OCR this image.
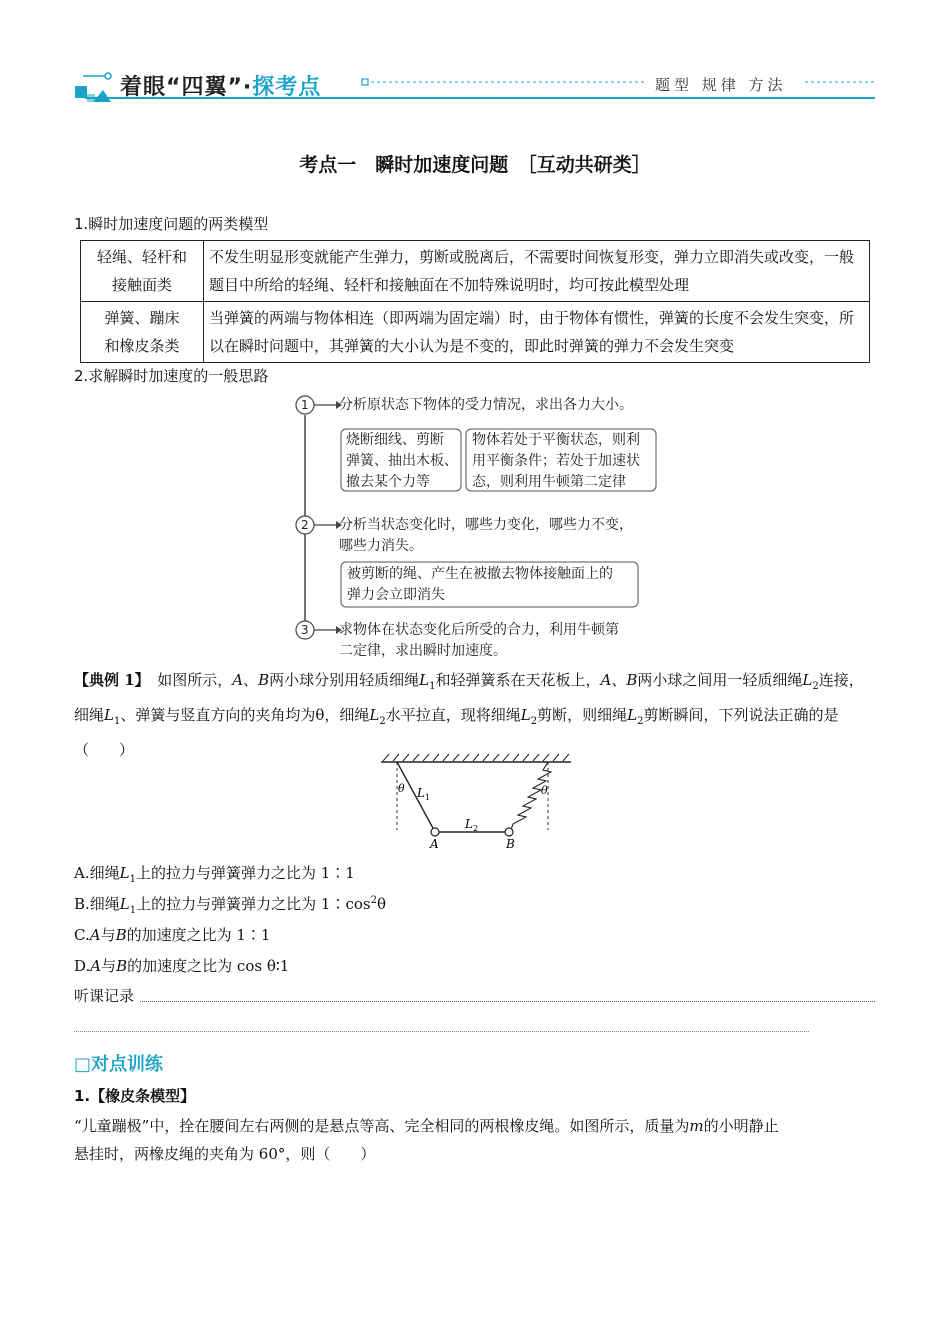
着眼“四翼”·探考点	题型 规律 方法
考点一　瞬时加速度问题　［互动共研类］
1.瞬时加速度问题的两类模型
轻绳、轻杆和
接触面类	不发生明显形变就能产生弹力，剪断或脱离后，不需要时间恢复形变，弹力立即消失或改变，一般题目中所给的轻绳、轻杆和接触面在不加特殊说明时，均可按此模型处理
弹簧、蹦床
和橡皮条类	当弹簧的两端与物体相连（即两端为固定端）时，由于物体有惯性，弹簧的长度不会发生突变，所以在瞬时问题中，其弹簧的大小认为是不变的，即此时弹簧的弹力不会发生突变
2.求解瞬时加速度的一般思路
1 分析原状态下物体的受力情况，求出各力大小。
烧断细线、剪断
弹簧、抽出木板、
撤去某个力等
物体若处于平衡状态，则利
用平衡条件；若处于加速状
态，则利用牛顿第二定律
2 分析当状态变化时，哪些力变化，哪些力不变，
哪些力消失。
被剪断的绳、产生在被撤去物体接触面上的
弹力会立即消失
3 求物体在状态变化后所受的合力，利用牛顿第
二定律，求出瞬时加速度。
【典例 1】　 如图所示，A、B两小球分别用轻质细绳$L_1$和轻弹簧系在天花板上，A、B两小球之间用一轻质细绳$L_2$连接，细绳$L_1$、弹簧与竖直方向的夹角均为θ，细绳$L_2$水平拉直，现将细绳$L_2$剪断，则细绳$L_2$剪断瞬间，下列说法正确的是（　　）
θ	θ
L 1
L 2
A	B
A.细绳$L_1$上的拉力与弹簧弹力之比为 1∶1
B.细绳$L_1$上的拉力与弹簧弹力之比为 $1∶\cos^2\theta$
C.A与B的加速度之比为 1∶1
D.A与B的加速度之比为 cos θ∶1
听课记录
□对点训练
1.【橡皮条模型】
“儿童蹦极”中，拴在腰间左右两侧的是悬点等高、完全相同的两根橡皮绳。如图所示，质量为m的小明静止
悬挂时，两橡皮绳的夹角为 60°，则（　　）
